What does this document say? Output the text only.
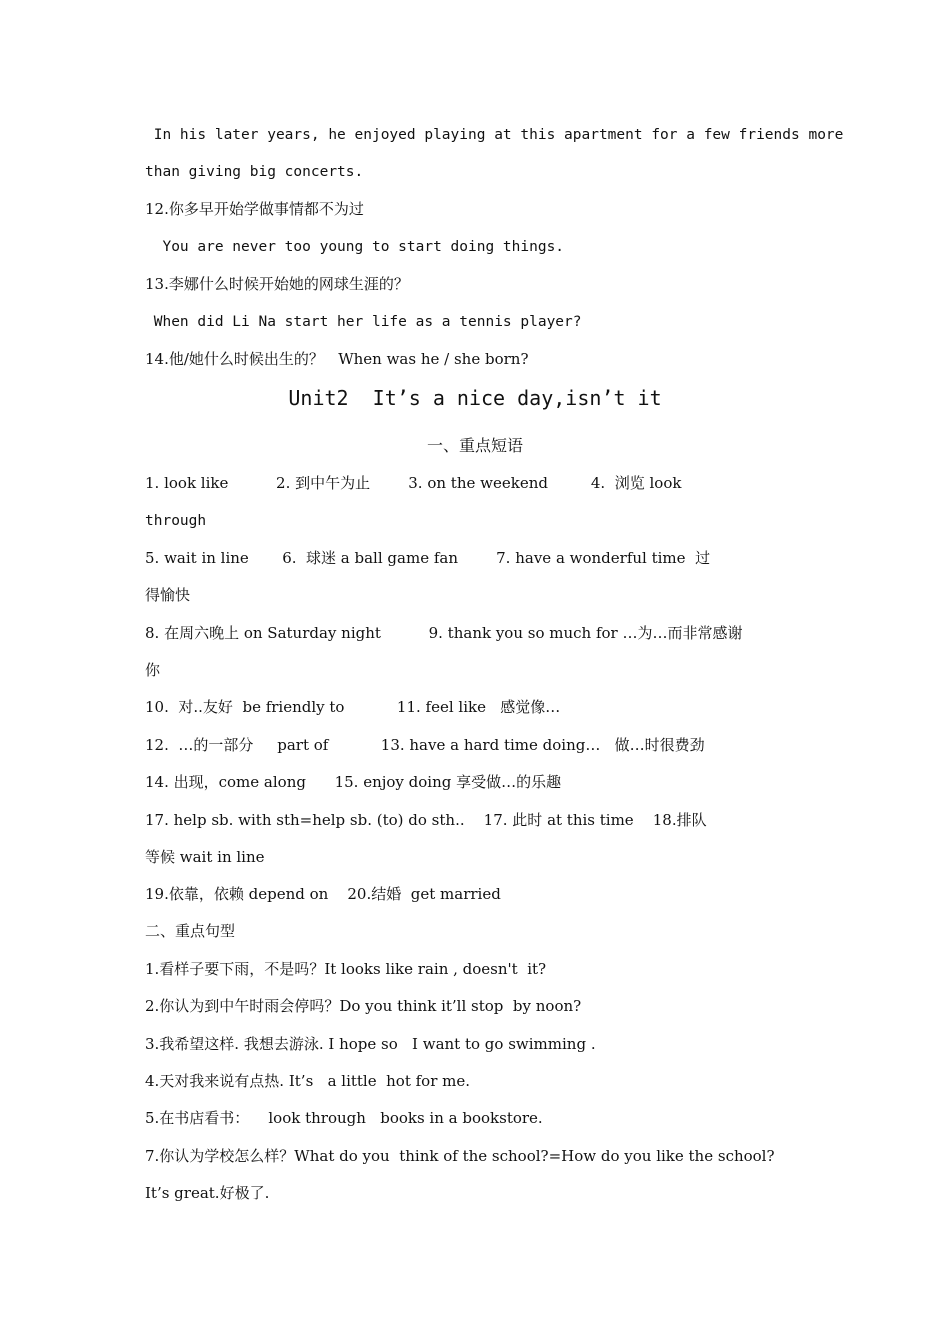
In his later years, he enjoyed playing at this apartment for a few friends more
than giving big concerts.
12.你多早开始学做事情都不为过
You are never too young to start doing things.
13.李娜什么时候开始她的网球生涯的？
When did Li Na start her life as a tennis player?
14.他/她什么时候出生的？   When was he / she born?
Unit2  It’s a nice day,isn’t it
一、重点短语
1. look like          2. 到中午为止        3. on the weekend         4.  浏览 look
through
5. wait in line       6.  球迷 a ball game fan        7. have a wonderful time  过
得愉快
8. 在周六晚上 on Saturday night          9. thank you so much for …为…而非常感谢
你
10.  对..友好  be friendly to           11. feel like   感觉像…
12.  …的一部分     part of           13. have a hard time doing…   做…时很费劲
14. 出现，come along      15. enjoy doing 享受做…的乐趣
17. help sb. with sth=help sb. (to) do sth..    17. 此时 at this time    18.排队
等候 wait in line
19.依靠，依赖 depend on    20.结婚  get married
二、重点句型
1.看样子要下雨，不是吗？It looks like rain , doesn't  it?
2.你认为到中午时雨会停吗？Do you think it’ll stop  by noon?
3.我希望这样. 我想去游泳. I hope so   I want to go swimming .
4.天对我来说有点热. It’s   a little  hot for me.
5.在书店看书：    look through   books in a bookstore.
7.你认为学校怎么样？What do you  think of the school?=How do you like the school?
It’s great.好极了.
